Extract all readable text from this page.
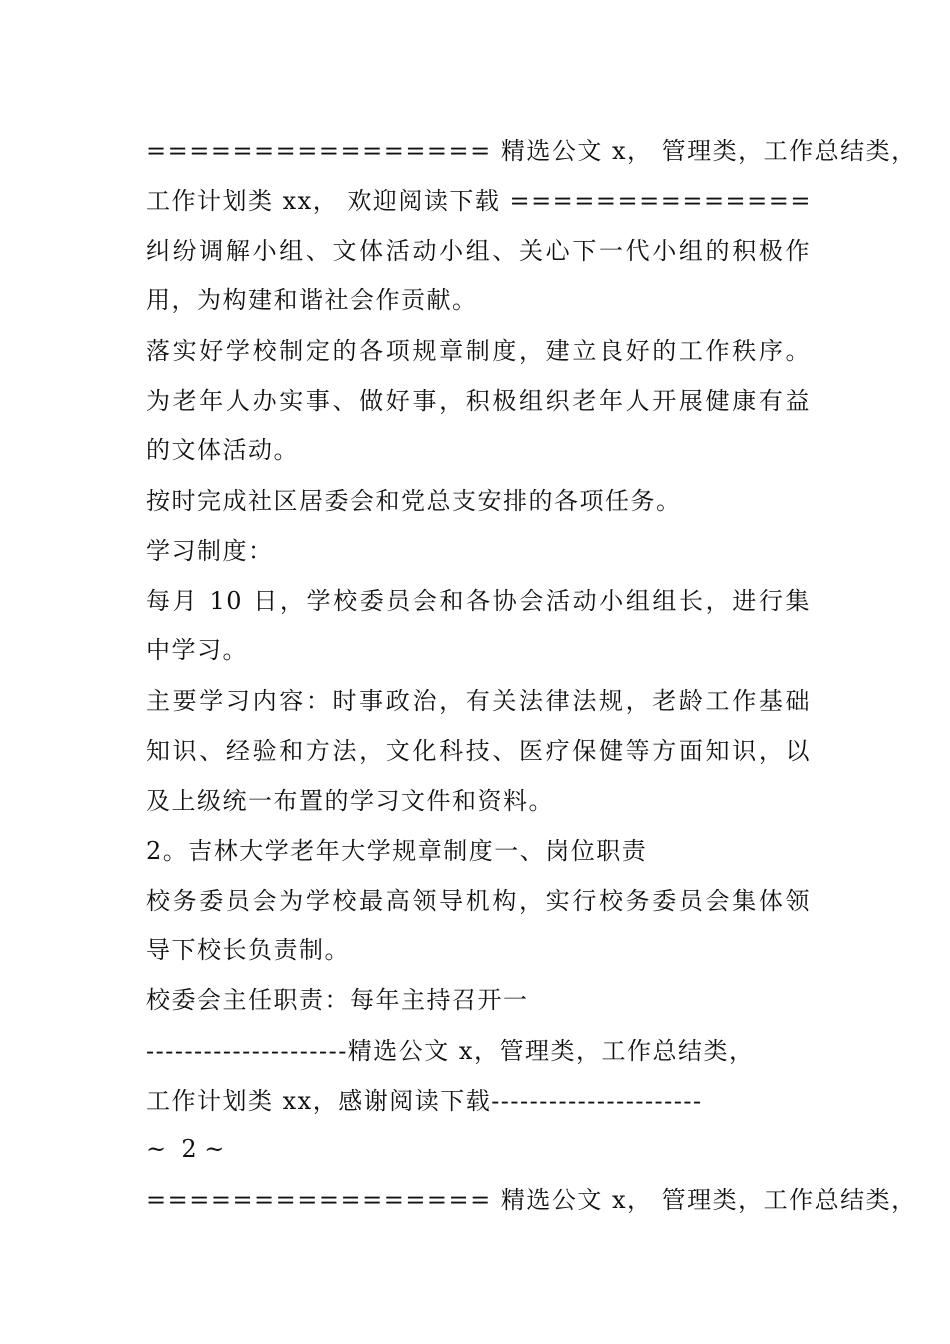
================ 精选公文 x， 管理类，工作总结类，
工作计划类 xx， 欢迎阅读下载 ==============
纠纷调解小组、文体活动小组、关心下一代小组的积极作
用，为构建和谐社会作贡献。
落实好学校制定的各项规章制度，建立良好的工作秩序。
为老年人办实事、做好事，积极组织老年人开展健康有益
的文体活动。
按时完成社区居委会和党总支安排的各项任务。
学习制度：
每月 10 日，学校委员会和各协会活动小组组长，进行集
中学习。
主要学习内容：时事政治，有关法律法规，老龄工作基础
知识、经验和方法，文化科技、医疗保健等方面知识，以
及上级统一布置的学习文件和资料。
2。吉林大学老年大学规章制度一、岗位职责
校务委员会为学校最高领导机构，实行校务委员会集体领
导下校长负责制。
校委会主任职责：每年主持召开一
---------------------精选公文 x，管理类，工作总结类，
工作计划类 xx，感谢阅读下载----------------------
~  2 ~
================ 精选公文 x， 管理类，工作总结类，
